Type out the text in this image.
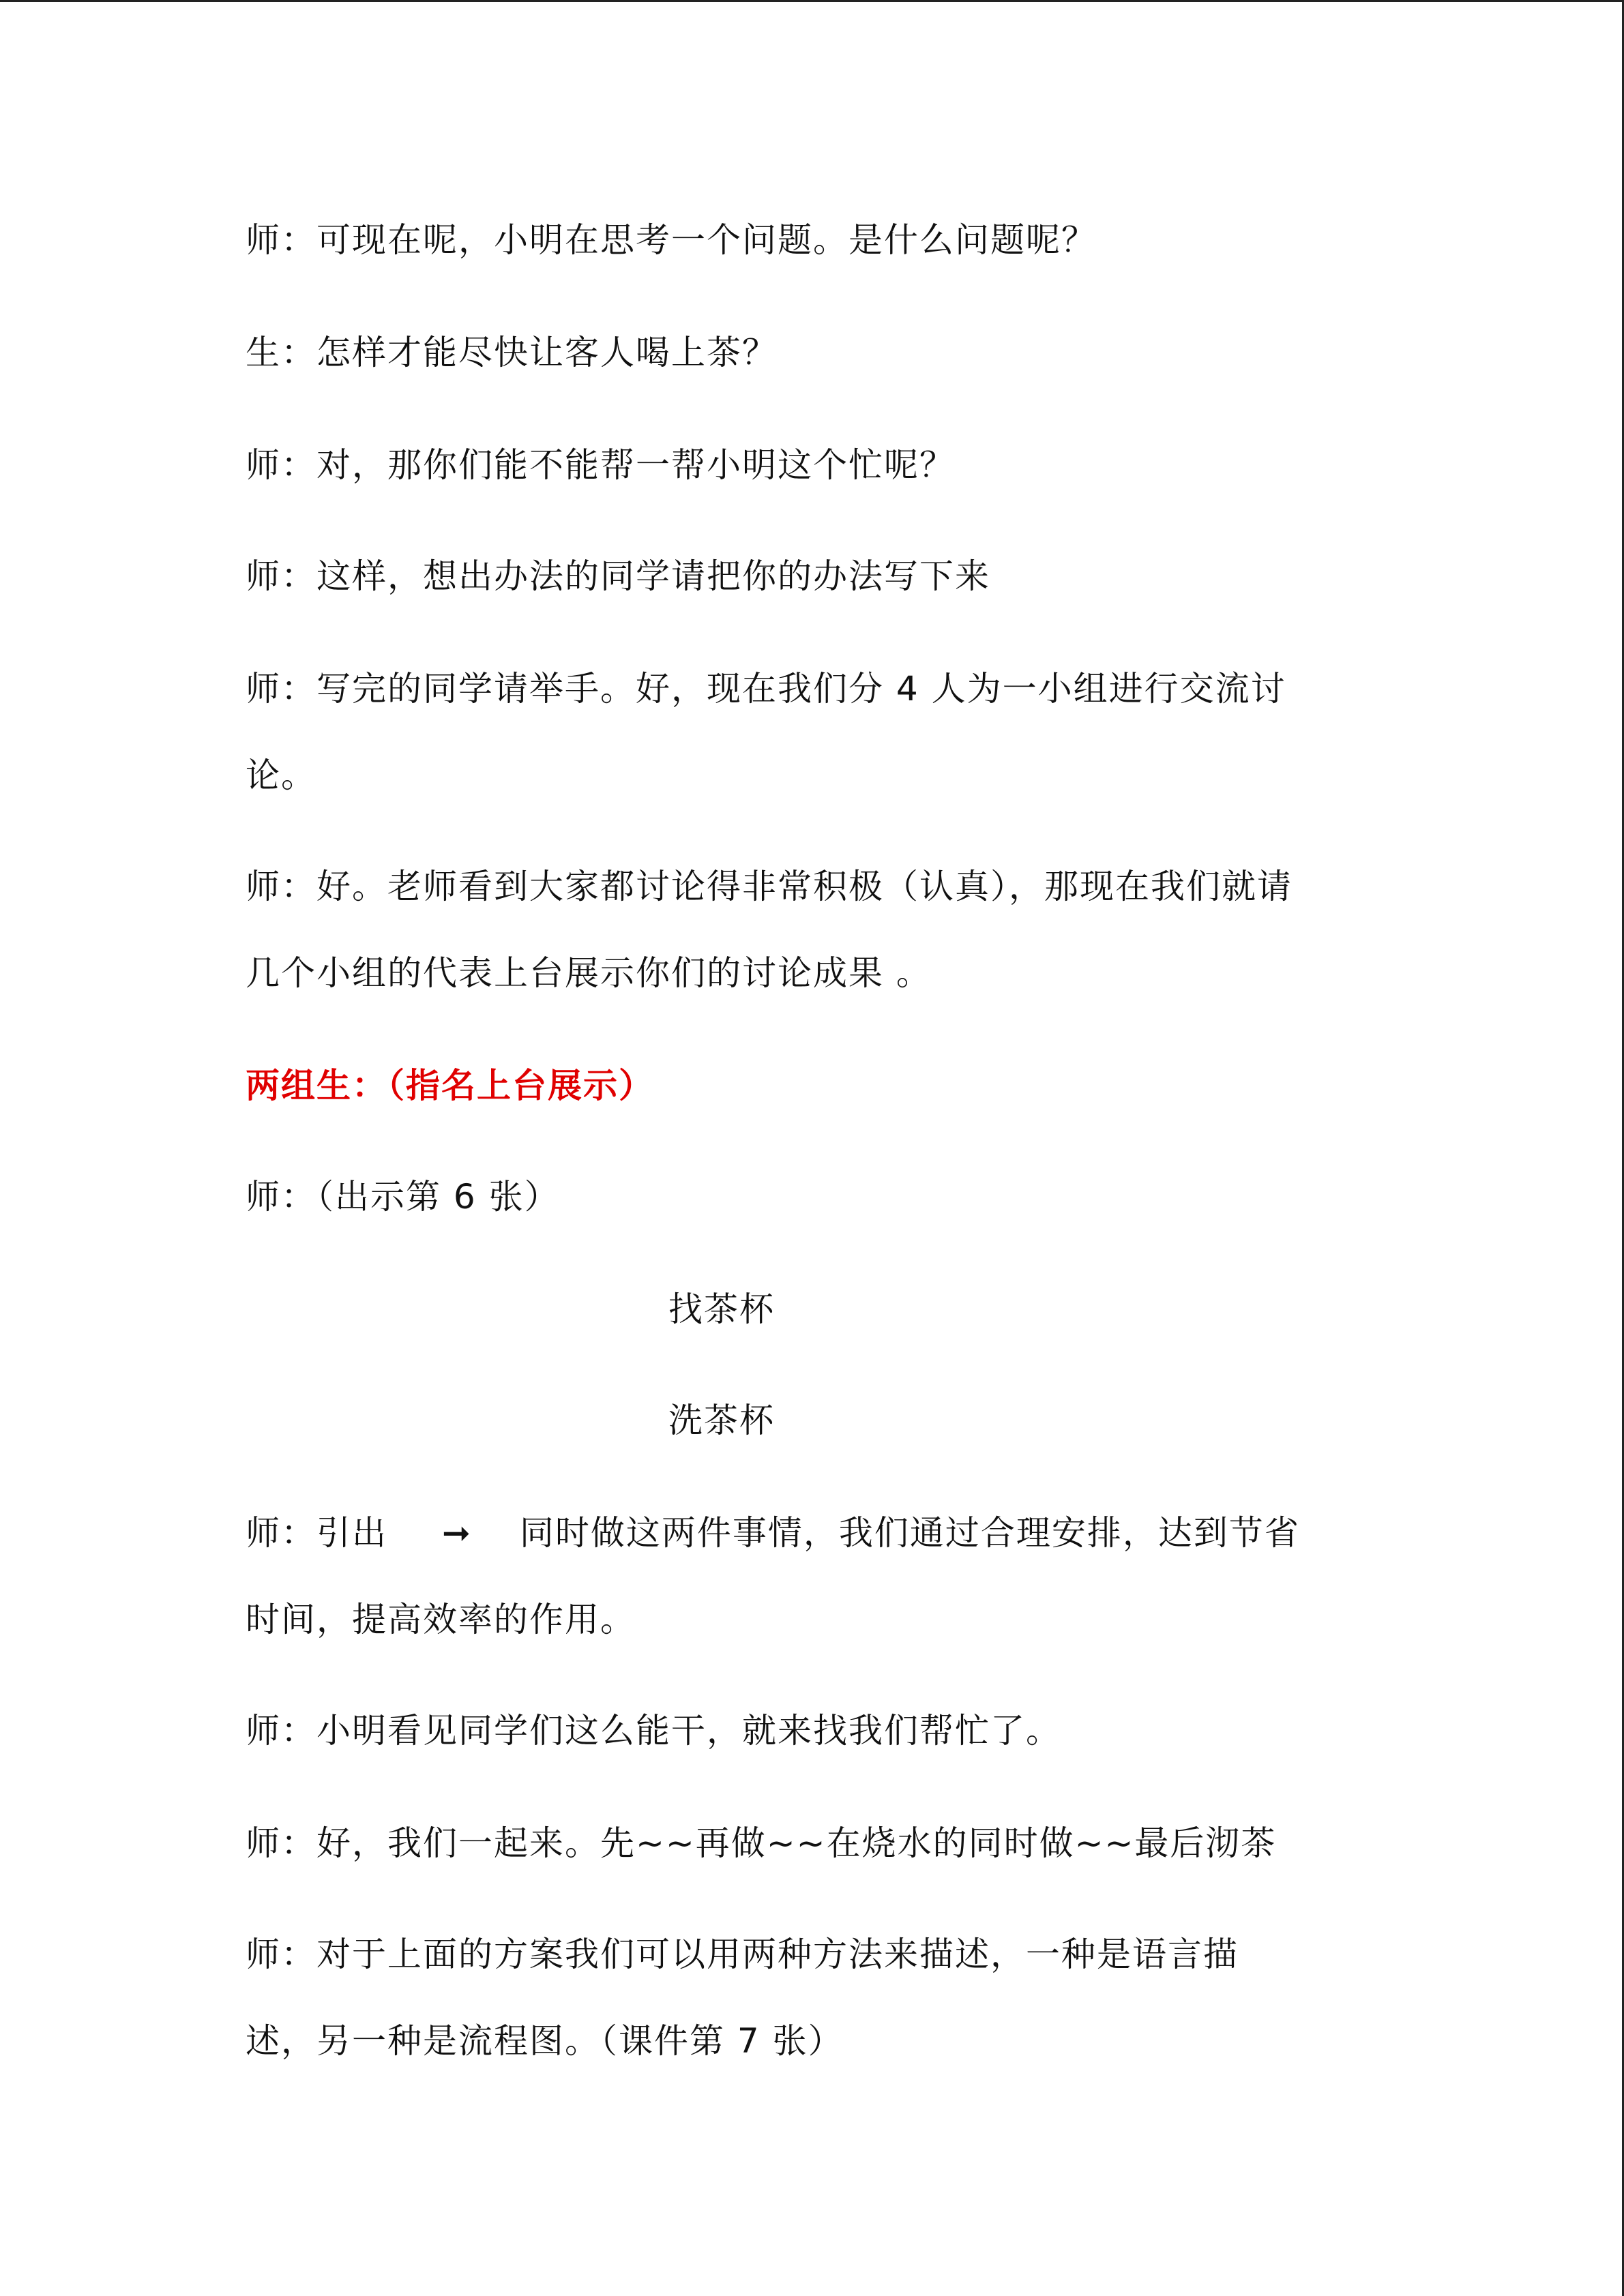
师：可现在呢，小明在思考一个问题。是什么问题呢？
生：怎样才能尽快让客人喝上茶？
师：对，那你们能不能帮一帮小明这个忙呢？
师：这样，想出办法的同学请把你的办法写下来
师：写完的同学请举手。好，现在我们分 4 人为一小组进行交流讨
论。
师：好。老师看到大家都讨论得非常积极（认真），那现在我们就请
几个小组的代表上台展示你们的讨论成果 。
两组生：（指名上台展示）
师：（出示第 6 张）
找茶杯
洗茶杯
师：引出 ➞ 同时做这两件事情，我们通过合理安排，达到节省
时间，提高效率的作用。
师：小明看见同学们这么能干，就来找我们帮忙了。
师：好，我们一起来。先~~再做~~在烧水的同时做~~最后沏茶
师：对于上面的方案我们可以用两种方法来描述，一种是语言描
述，另一种是流程图。（课件第 7 张）
